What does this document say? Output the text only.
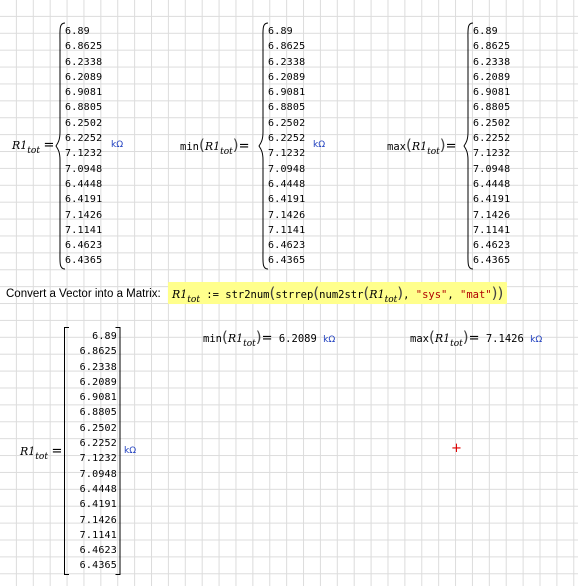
$R1_{tot}$ =
6.89
6.8625
6.2338
6.2089
6.9081
6.8805
6.2502
6.2252
7.1232
7.0948
6.4448
6.4191
7.1426
7.1141
6.4623
6.4365
kΩ	$\min(R1_{tot})=$
6.89
6.8625
6.2338
6.2089
6.9081
6.8805
6.2502
6.2252
7.1232
7.0948
6.4448
6.4191
7.1426
7.1141
6.4623
6.4365
kΩ	$\max(R1_{tot})=$
6.89
6.8625
6.2338
6.2089
6.9081
6.8805
6.2502
6.2252
7.1232
7.0948
6.4448
6.4191
7.1426
7.1141
6.4623
6.4365
Convert a Vector into a Matrix:	$R1_{tot}$ := $str2num(strrep(num2str(R1_{tot})$, "sys", "mat"))
$R1_{tot}$ =
6.89
6.8625
6.2338
6.2089
6.9081
6.8805
6.2502
6.2252
7.1232
7.0948
6.4448
6.4191
7.1426
7.1141
6.4623
6.4365
kΩ
$\min(R1_{tot})= 6.2089$ kΩ	$\max(R1_{tot})= 7.1426$ kΩ
+
